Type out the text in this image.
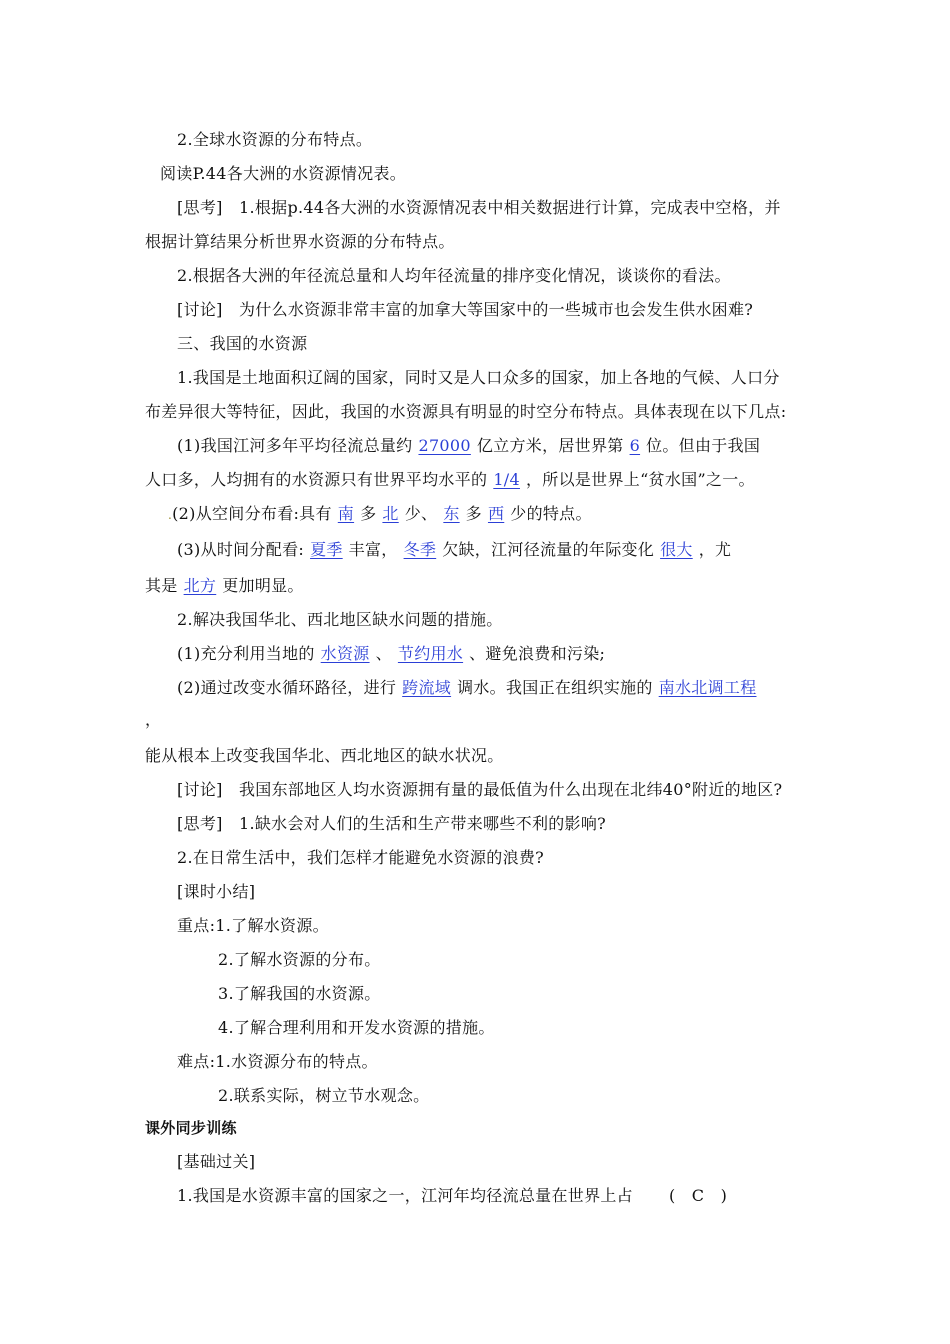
2.全球水资源的分布特点。
阅读P.44各大洲的水资源情况表。
[思考]　1.根据p.44各大洲的水资源情况表中相关数据进行计算，完成表中空格，并
根据计算结果分析世界水资源的分布特点。
2.根据各大洲的年径流总量和人均年径流量的排序变化情况，谈谈你的看法。
[讨论]　为什么水资源非常丰富的加拿大等国家中的一些城市也会发生供水困难?
三、我国的水资源
1.我国是土地面积辽阔的国家，同时又是人口众多的国家，加上各地的气候、人口分
布差异很大等特征，因此，我国的水资源具有明显的时空分布特点。具体表现在以下几点:
(1)我国江河多年平均径流总量约 27000 亿立方米，居世界第 6 位。但由于我国
人口多，人均拥有的水资源只有世界平均水平的 1/4 ，所以是世界上“贫水国”之一。
.(2)从空间分布看:具有 南 多 北 少、 东 多 西 少的特点。
(3)从时间分配看: 夏季 丰富， 冬季 欠缺，江河径流量的年际变化 很大 ，尤
其是 北方 更加明显。
2.解决我国华北、西北地区缺水问题的措施。
(1)充分利用当地的 水资源 、 节约用水 、避免浪费和污染;
(2)通过改变水循环路径，进行 跨流域 调水。我国正在组织实施的 南水北调工程
，
能从根本上改变我国华北、西北地区的缺水状况。
[讨论]　我国东部地区人均水资源拥有量的最低值为什么出现在北纬40°附近的地区?
[思考]　1.缺水会对人们的生活和生产带来哪些不利的影响?
2.在日常生活中，我们怎样才能避免水资源的浪费?
[课时小结]
重点:1.了解水资源。
2.了解水资源的分布。
3.了解我国的水资源。
4.了解合理利用和开发水资源的措施。
难点:1.水资源分布的特点。
2.联系实际，树立节水观念。
课外同步训练
[基础过关]
1.我国是水资源丰富的国家之一，江河年均径流总量在世界上占 (　C　)
